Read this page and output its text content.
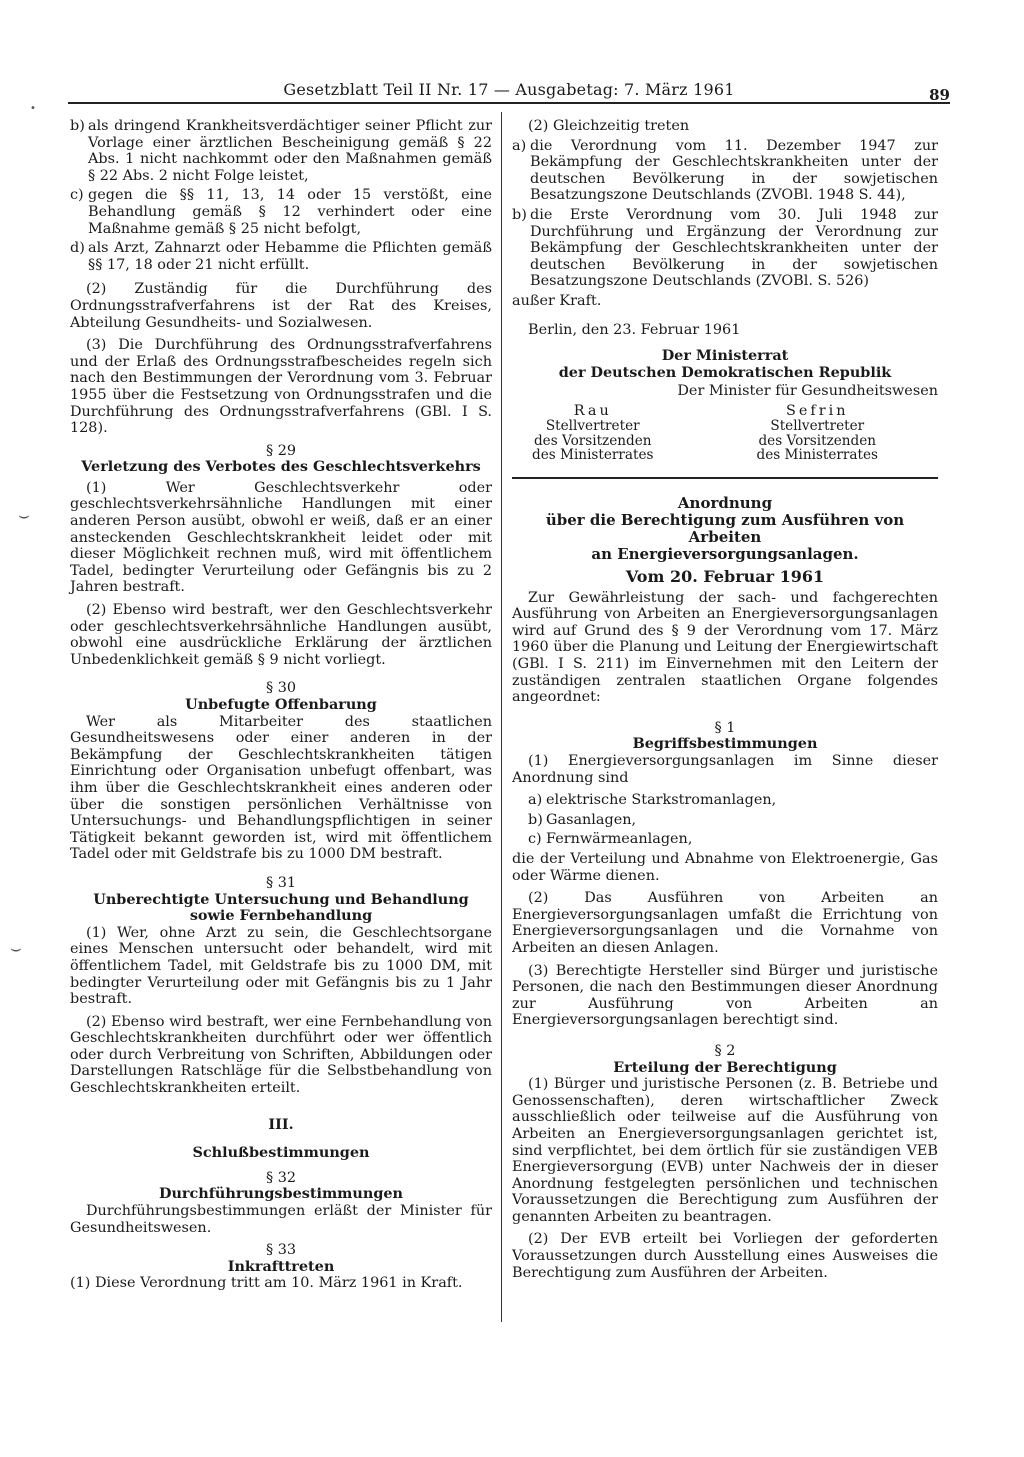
Gesetzblatt Teil II Nr. 17 — Ausgabetag: 7. März 1961	89
•
⌣
⌣
b) als dringend Krankheitsverdächtiger seiner Pflicht zur Vorlage einer ärztlichen Bescheinigung gemäß § 22 Abs. 1 nicht nachkommt oder den Maßnahmen gemäß § 22 Abs. 2 nicht Folge leistet,
c) gegen die §§ 11, 13, 14 oder 15 verstößt, eine Behandlung gemäß § 12 verhindert oder eine Maßnahme gemäß § 25 nicht befolgt,
d) als Arzt, Zahnarzt oder Hebamme die Pflichten gemäß §§ 17, 18 oder 21 nicht erfüllt.

(2) Zuständig für die Durchführung des Ordnungsstrafverfahrens ist der Rat des Kreises, Abteilung Gesundheits- und Sozialwesen.

(3) Die Durchführung des Ordnungsstrafverfahrens und der Erlaß des Ordnungsstrafbescheides regeln sich nach den Bestimmungen der Verordnung vom 3. Februar 1955 über die Festsetzung von Ordnungsstrafen und die Durchführung des Ordnungsstrafverfahrens (GBl. I S. 128).

§ 29

Verletzung des Verbotes des Geschlechtsverkehrs

(1) Wer Geschlechtsverkehr oder geschlechtsverkehrsähnliche Handlungen mit einer anderen Person ausübt, obwohl er weiß, daß er an einer ansteckenden Geschlechtskrankheit leidet oder mit dieser Möglichkeit rechnen muß, wird mit öffentlichem Tadel, bedingter Verurteilung oder Gefängnis bis zu 2 Jahren bestraft.

(2) Ebenso wird bestraft, wer den Geschlechtsverkehr oder geschlechtsverkehrsähnliche Handlungen ausübt, obwohl eine ausdrückliche Erklärung der ärztlichen Unbedenklichkeit gemäß § 9 nicht vorliegt.

§ 30

Unbefugte Offenbarung

Wer als Mitarbeiter des staatlichen Gesundheitswesens oder einer anderen in der Bekämpfung der Geschlechtskrankheiten tätigen Einrichtung oder Organisation unbefugt offenbart, was ihm über die Geschlechtskrankheit eines anderen oder über die sonstigen persönlichen Verhältnisse von Untersuchungs- und Behandlungspflichtigen in seiner Tätigkeit bekannt geworden ist, wird mit öffentlichem Tadel oder mit Geldstrafe bis zu 1000 DM bestraft.

§ 31

Unberechtigte Untersuchung und Behandlung sowie Fernbehandlung

(1) Wer, ohne Arzt zu sein, die Geschlechtsorgane eines Menschen untersucht oder behandelt, wird mit öffentlichem Tadel, mit Geldstrafe bis zu 1000 DM, mit bedingter Verurteilung oder mit Gefängnis bis zu 1 Jahr bestraft.

(2) Ebenso wird bestraft, wer eine Fernbehandlung von Geschlechtskrankheiten durchführt oder wer öffentlich oder durch Verbreitung von Schriften, Abbildungen oder Darstellungen Ratschläge für die Selbstbehandlung von Geschlechtskrankheiten erteilt.

III.

Schlußbestimmungen

§ 32

Durchführungsbestimmungen

Durchführungsbestimmungen erläßt der Minister für Gesundheitswesen.

§ 33

Inkrafttreten

(1) Diese Verordnung tritt am 10. März 1961 in Kraft.

(2) Gleichzeitig treten

a) die Verordnung vom 11. Dezember 1947 zur Bekämpfung der Geschlechtskrankheiten unter der deutschen Bevölkerung in der sowjetischen Besatzungszone Deutschlands (ZVOBl. 1948 S. 44),
b) die Erste Verordnung vom 30. Juli 1948 zur Durchführung und Ergänzung der Verordnung zur Bekämpfung der Geschlechtskrankheiten unter der deutschen Bevölkerung in der sowjetischen Besatzungszone Deutschlands (ZVOBl. S. 526)

außer Kraft.

Berlin, den 23. Februar 1961

Der Ministerrat

der Deutschen Demokratischen Republik

Der Minister für Gesundheitswesen

Rau
Stellvertreter
des Vorsitzenden
des Ministerrates
Sefrin
Stellvertreter
des Vorsitzenden
des Ministerrates

Anordnung

über die Berechtigung zum Ausführen von Arbeiten

an Energieversorgungsanlagen.

Vom 20. Februar 1961

Zur Gewährleistung der sach- und fachgerechten Ausführung von Arbeiten an Energieversorgungsanlagen wird auf Grund des § 9 der Verordnung vom 17. März 1960 über die Planung und Leitung der Energiewirtschaft (GBl. I S. 211) im Einvernehmen mit den Leitern der zuständigen zentralen staatlichen Organe folgendes angeordnet:

§ 1

Begriffsbestimmungen

(1) Energieversorgungsanlagen im Sinne dieser Anordnung sind

a) elektrische Starkstromanlagen,
b) Gasanlagen,
c) Fernwärmeanlagen,

die der Verteilung und Abnahme von Elektroenergie, Gas oder Wärme dienen.

(2) Das Ausführen von Arbeiten an Energieversorgungsanlagen umfaßt die Errichtung von Energieversorgungsanlagen und die Vornahme von Arbeiten an diesen Anlagen.

(3) Berechtigte Hersteller sind Bürger und juristische Personen, die nach den Bestimmungen dieser Anordnung zur Ausführung von Arbeiten an Energieversorgungsanlagen berechtigt sind.

§ 2

Erteilung der Berechtigung

(1) Bürger und juristische Personen (z. B. Betriebe und Genossenschaften), deren wirtschaftlicher Zweck ausschließlich oder teilweise auf die Ausführung von Arbeiten an Energieversorgungsanlagen gerichtet ist, sind verpflichtet, bei dem örtlich für sie zuständigen VEB Energieversorgung (EVB) unter Nachweis der in dieser Anordnung festgelegten persönlichen und technischen Voraussetzungen die Berechtigung zum Ausführen der genannten Arbeiten zu beantragen.

(2) Der EVB erteilt bei Vorliegen der geforderten Voraussetzungen durch Ausstellung eines Ausweises die Berechtigung zum Ausführen der Arbeiten.
